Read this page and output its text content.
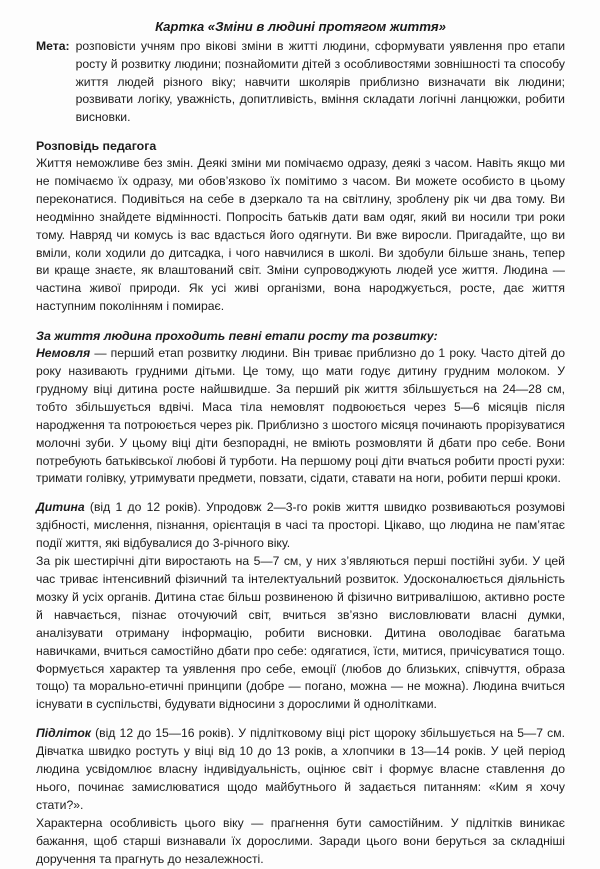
Картка «Зміни в людині протягом життя»
Мета: розповісти учням про вікові зміни в житті людини, сформувати уявлення про етапи росту й розвитку людини; познайомити дітей з особливостями зовнішності та способу життя людей різного віку; навчити школярів приблизно визначати вік людини; розвивати логіку, уважність, допитливість, вміння складати логічні ланцюжки, робити висновки.
Розповідь педагога

Життя неможливе без змін. Деякі зміни ми помічаємо одразу, деякі з часом. Навіть якщо ми не помічаємо їх одразу, ми обов’язково їх помітимо з часом. Ви можете особисто в цьому переконатися. Подивіться на себе в дзеркало та на світлину, зроблену рік чи два тому. Ви неодмінно знайдете відмінності. Попросіть батьків дати вам одяг, який ви носили три роки тому. Навряд чи комусь із вас вдасться його одягнути. Ви вже виросли. Пригадайте, що ви вміли, коли ходили до дитсадка, і чого навчилися в школі. Ви здобули більше знань, тепер ви краще знаєте, як влаштований світ. Зміни супроводжують людей усе життя. Людина — частина живої природи. Як усі живі організми, вона народжується, росте, дає життя наступним поколінням і помирає.

За життя людина проходить певні етапи росту та розвитку:

Немовля — перший етап розвитку людини. Він триває приблизно до 1 року. Часто дітей до року називають грудними дітьми. Це тому, що мати годує дитину грудним молоком. У грудному віці дитина росте найшвидше. За перший рік життя збільшується на 24—28 см, тобто збільшується вдвічі. Маса тіла немовлят подвоюється через 5—6 місяців після народження та потроюється через рік. Приблизно з шостого місяця починають прорізуватися молочні зуби. У цьому віці діти безпорадні, не вміють розмовляти й дбати про себе. Вони потребують батьківської любові й турботи. На першому році діти вчаться робити прості рухи: тримати голівку, утримувати предмети, повзати, сідати, ставати на ноги, робити перші кроки.

Дитина (від 1 до 12 років). Упродовж 2—3-го років життя швидко розвиваються розумові здібності, мислення, пізнання, орієнтація в часі та просторі. Цікаво, що людина не пам’ятає події життя, які відбувалися до 3-річного віку.

За рік шестирічні діти виростають на 5—7 см, у них з’являються перші постійні зуби. У цей час триває інтенсивний фізичний та інтелектуальний розвиток. Удосконалюється діяльність мозку й усіх органів. Дитина стає більш розвиненою й фізично витривалішою, активно росте й навчається, пізнає оточуючий світ, вчиться зв’язно висловлювати власні думки, аналізувати отриману інформацію, робити висновки. Дитина оволодіває багатьма навичками, вчиться самостійно дбати про себе: одягатися, їсти, митися, причісуватися тощо. Формується характер та уявлення про себе, емоції (любов до близьких, співчуття, образа тощо) та морально-етичні принципи (добре — погано, можна — не можна). Людина вчиться існувати в суспільстві, будувати відносини з дорослими й однолітками.

Підліток (від 12 до 15—16 років). У підлітковому віці ріст щороку збільшується на 5—7 см. Дівчатка швидко ростуть у віці від 10 до 13 років, а хлопчики в 13—14 років. У цей період людина усвідомлює власну індивідуальність, оцінює світ і формує власне ставлення до нього, починає замислюватися щодо майбутнього й задається питанням: «Ким я хочу стати?».

Характерна особливість цього віку — прагнення бути самостійним. У підлітків виникає бажання, щоб старші визнавали їх дорослими. Заради цього вони беруться за складніші доручення та прагнуть до незалежності.
